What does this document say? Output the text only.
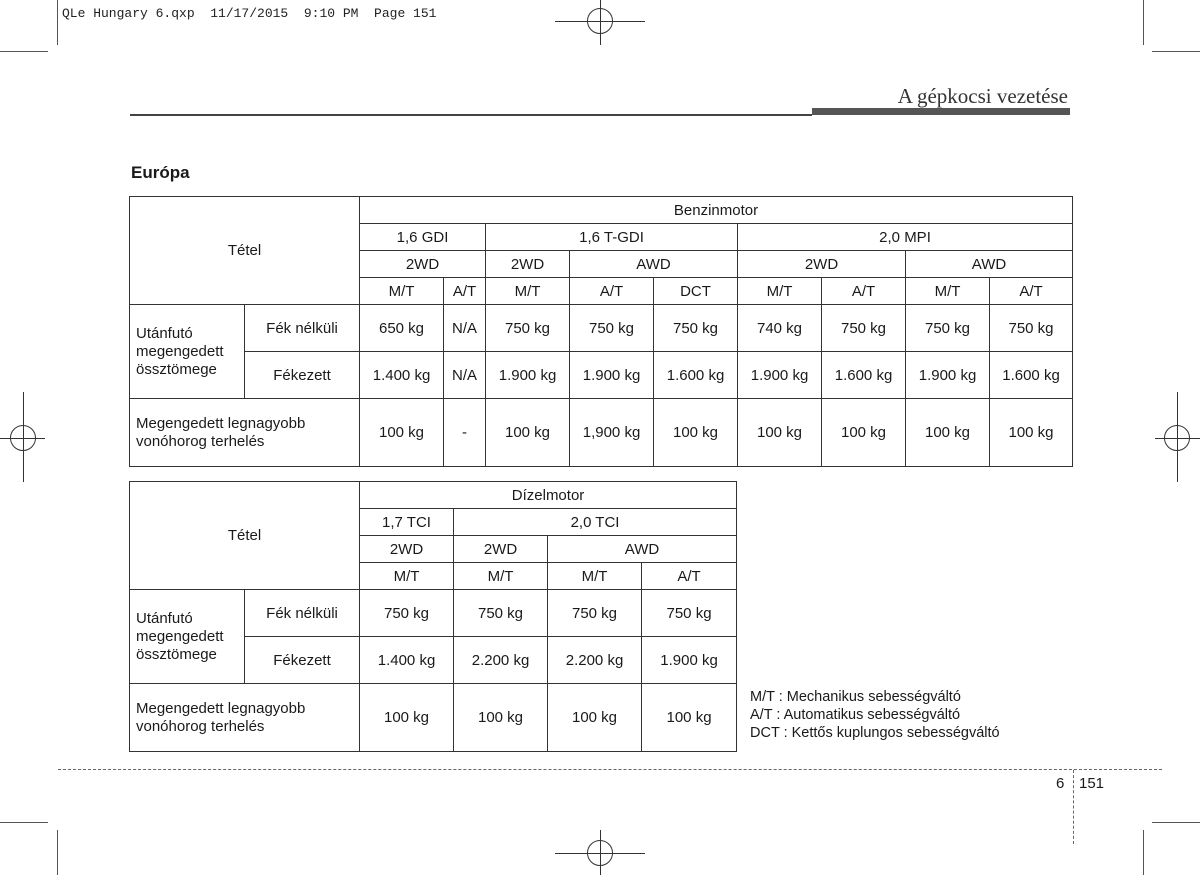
QLe Hungary 6.qxp  11/17/2015  9:10 PM  Page 151
A gépkocsi vezetése
Európa
Tétel		Benzinmotor								
		1,6 GDI		1,6 T-GDI			2,0 MPI			
		2WD		2WD	AWD		2WD		AWD	
		M/T	A/T	M/T	A/T	DCT	M/T	A/T	M/T	A/T
Utánfutó megengedett össztömege	Fék nélküli	650 kg	N/A	750 kg	750 kg	750 kg	740 kg	750 kg	750 kg	750 kg
	Fékezett	1.400 kg	N/A	1.900 kg	1.900 kg	1.600 kg	1.900 kg	1.600 kg	1.900 kg	1.600 kg
Megengedett legnagyobb vonóhorog terhelés		100 kg	-	100 kg	1,900 kg	100 kg	100 kg	100 kg	100 kg	100 kg
Tétel		Dízelmotor			
		1,7 TCI	2,0 TCI		
		2WD	2WD	AWD	
		M/T	M/T	M/T	A/T
Utánfutó megengedett össztömege	Fék nélküli	750 kg	750 kg	750 kg	750 kg
	Fékezett	1.400 kg	2.200 kg	2.200 kg	1.900 kg
Megengedett legnagyobb vonóhorog terhelés		100 kg	100 kg	100 kg	100 kg
M/T : Mechanikus sebességváltó
A/T : Automatikus sebességváltó
DCT : Kettős kuplungos sebességváltó
6 151
